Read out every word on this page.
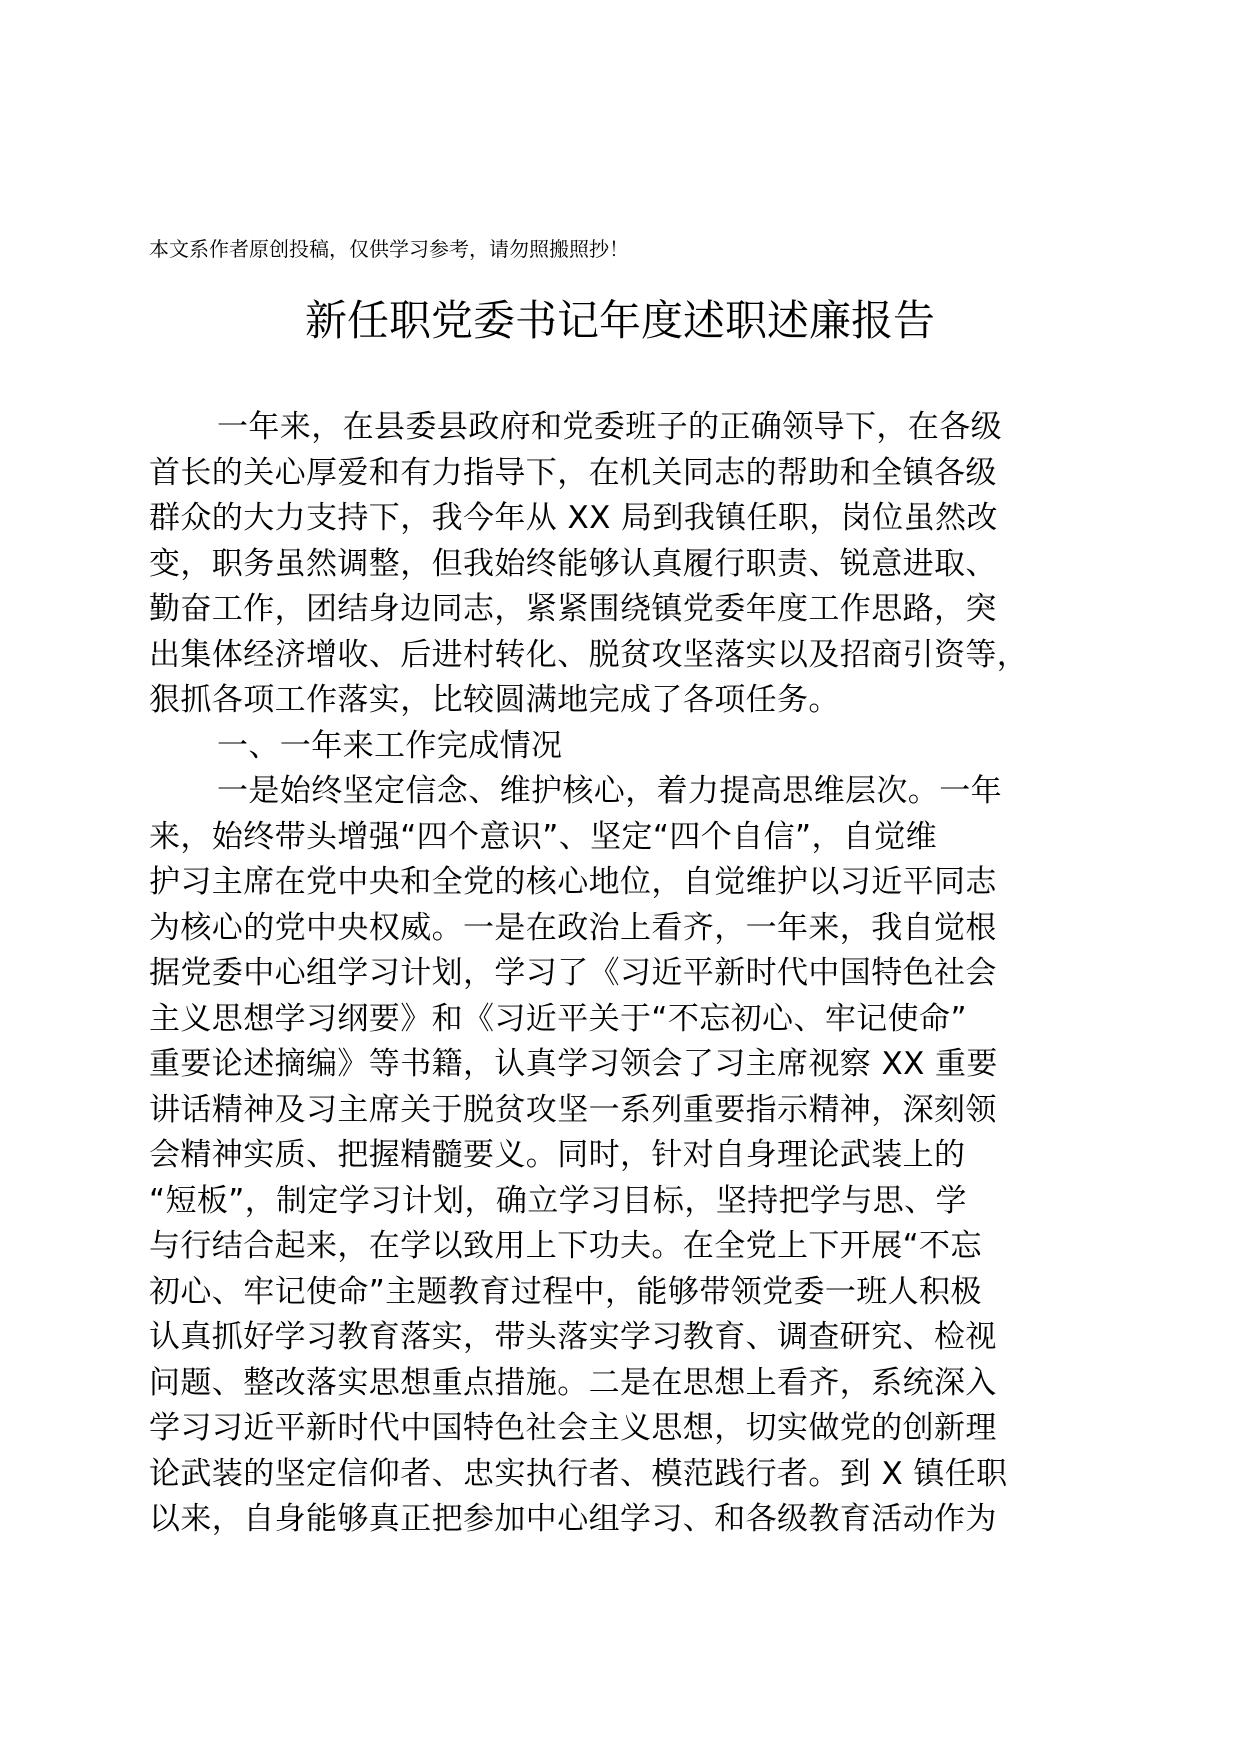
本文系作者原创投稿，仅供学习参考，请勿照搬照抄！
新任职党委书记年度述职述廉报告
一年来，在县委县政府和党委班子的正确领导下，在各级
首长的关心厚爱和有力指导下，在机关同志的帮助和全镇各级
群众的大力支持下，我今年从 XX 局到我镇任职，岗位虽然改
变，职务虽然调整，但我始终能够认真履行职责、锐意进取、
勤奋工作，团结身边同志，紧紧围绕镇党委年度工作思路，突
出集体经济增收、后进村转化、脱贫攻坚落实以及招商引资等，
狠抓各项工作落实，比较圆满地完成了各项任务。
一、一年来工作完成情况
一是始终坚定信念、维护核心，着力提高思维层次。一年
来，始终带头增强“四个意识”、坚定“四个自信”，自觉维
护习主席在党中央和全党的核心地位，自觉维护以习近平同志
为核心的党中央权威。一是在政治上看齐，一年来，我自觉根
据党委中心组学习计划，学习了《习近平新时代中国特色社会
主义思想学习纲要》和《习近平关于“不忘初心、牢记使命”
重要论述摘编》等书籍，认真学习领会了习主席视察 XX 重要
讲话精神及习主席关于脱贫攻坚一系列重要指示精神，深刻领
会精神实质、把握精髓要义。同时，针对自身理论武装上的
“短板”，制定学习计划，确立学习目标，坚持把学与思、学
与行结合起来，在学以致用上下功夫。在全党上下开展“不忘
初心、牢记使命”主题教育过程中，能够带领党委一班人积极
认真抓好学习教育落实，带头落实学习教育、调查研究、检视
问题、整改落实思想重点措施。二是在思想上看齐，系统深入
学习习近平新时代中国特色社会主义思想，切实做党的创新理
论武装的坚定信仰者、忠实执行者、模范践行者。到 X 镇任职
以来，自身能够真正把参加中心组学习、和各级教育活动作为
